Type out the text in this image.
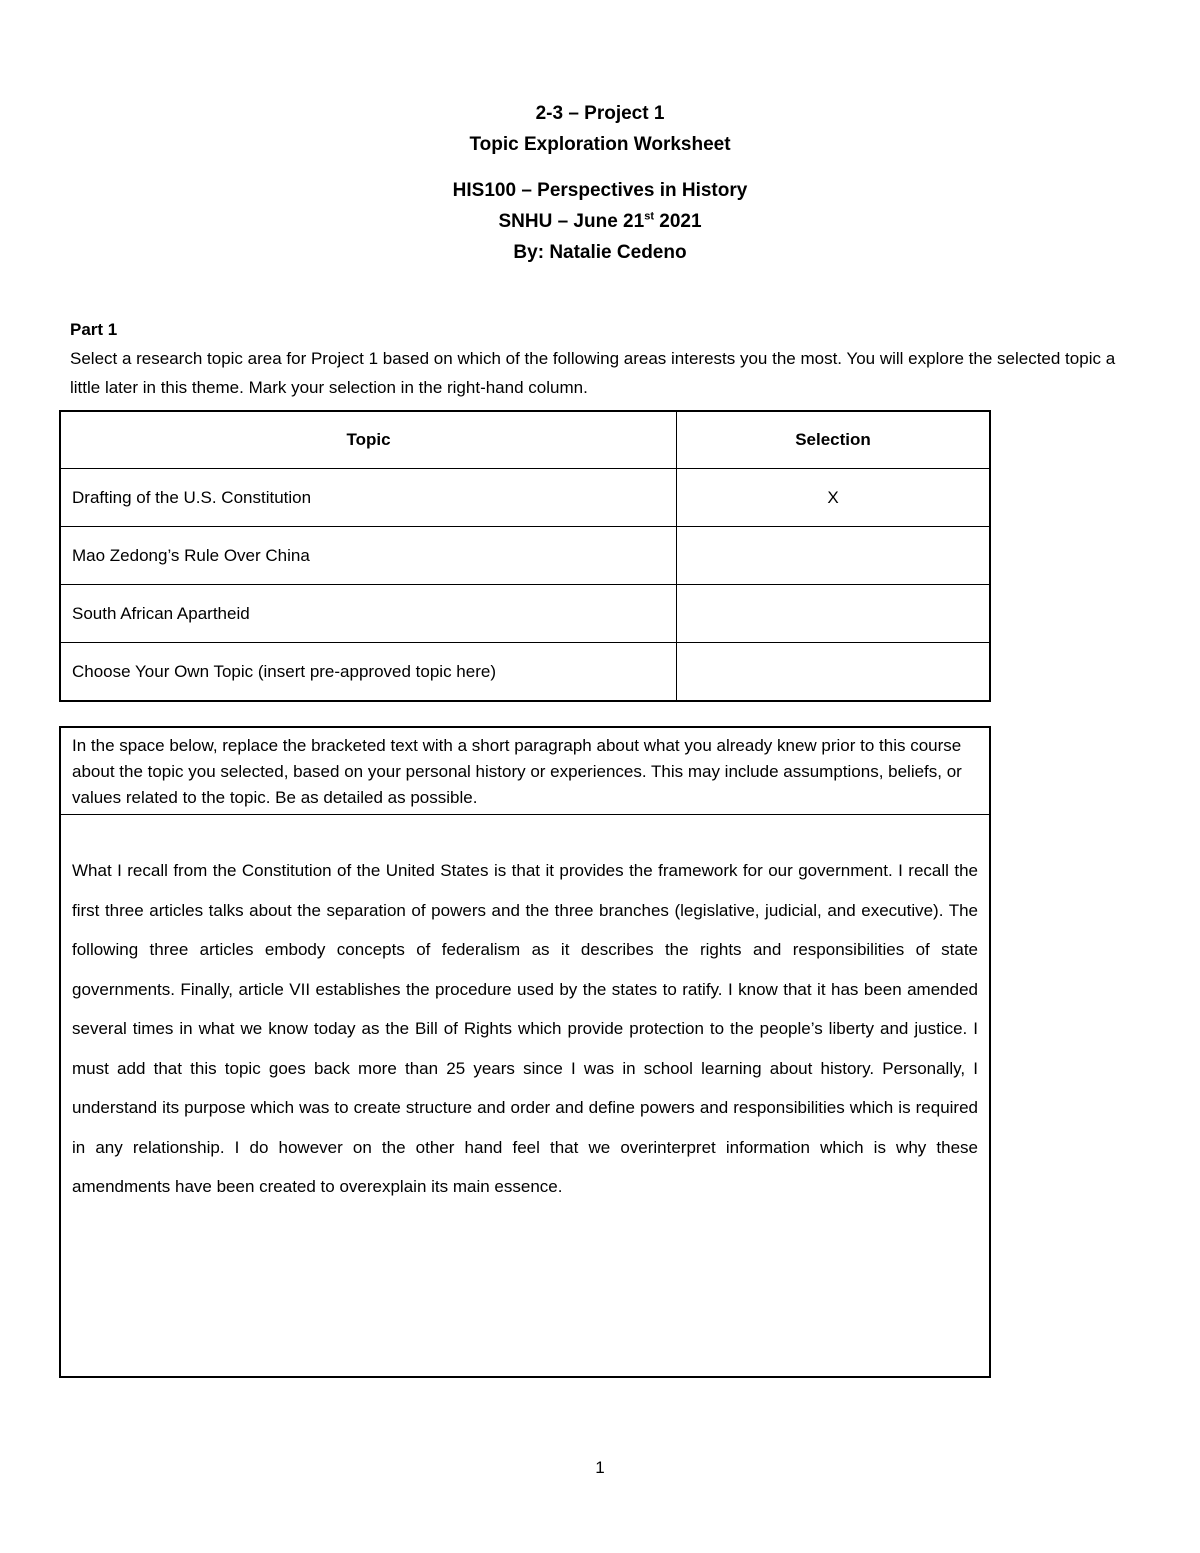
2-3 – Project 1
Topic Exploration Worksheet
HIS100 – Perspectives in History
SNHU – June 21st 2021
By: Natalie Cedeno
Part 1
Select a research topic area for Project 1 based on which of the following areas interests you the most. You will explore the selected topic a little later in this theme. Mark your selection in the right-hand column.
Topic	Selection
Drafting of the U.S. Constitution	X
Mao Zedong’s Rule Over China	
South African Apartheid	
Choose Your Own Topic (insert pre-approved topic here)	
In the space below, replace the bracketed text with a short paragraph about what you already knew prior to this course about the topic you selected, based on your personal history or experiences. This may include assumptions, beliefs, or values related to the topic. Be as detailed as possible.
What I recall from the Constitution of the United States is that it provides the framework for our government. I recall the first three articles talks about the separation of powers and the three branches (legislative, judicial, and executive). The following three articles embody concepts of federalism as it describes the rights and responsibilities of state governments. Finally, article VII establishes the procedure used by the states to ratify. I know that it has been amended several times in what we know today as the Bill of Rights which provide protection to the people’s liberty and justice. I must add that this topic goes back more than 25 years since I was in school learning about history. Personally, I understand its purpose which was to create structure and order and define powers and responsibilities which is required in any relationship. I do however on the other hand feel that we overinterpret information which is why these amendments have been created to overexplain its main essence.
1
